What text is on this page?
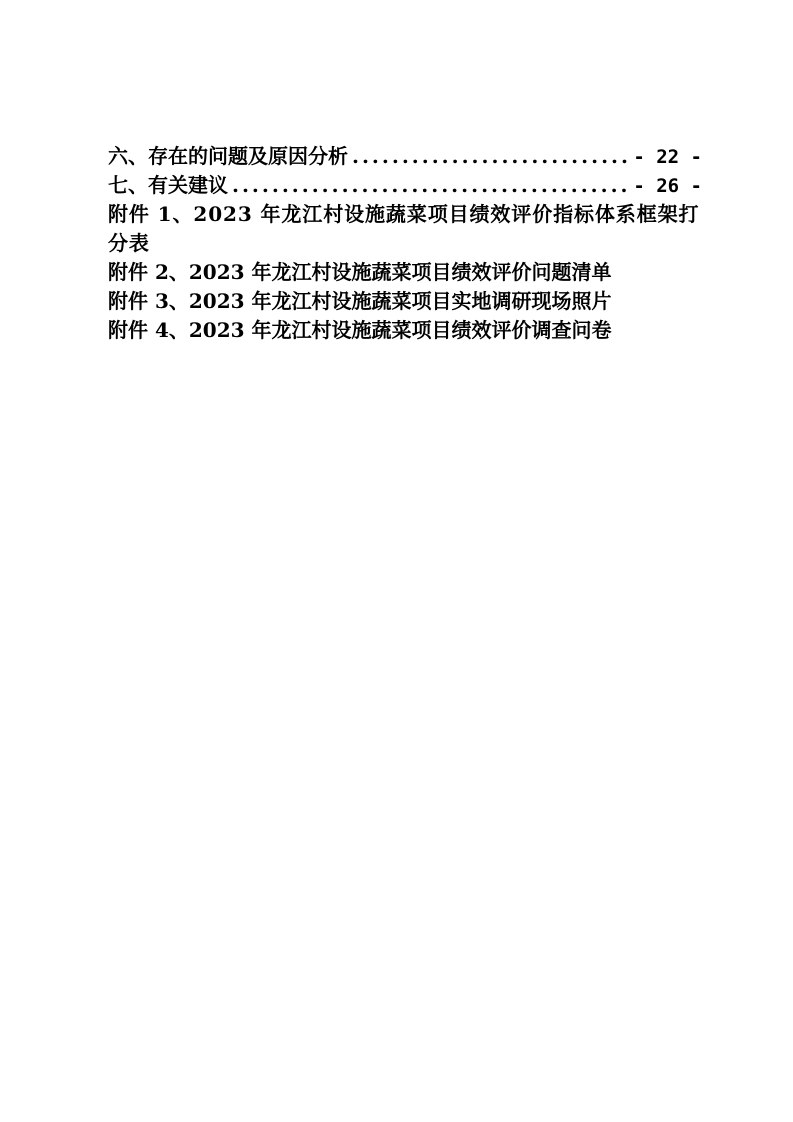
六、存在的问题及原因分析 .....	- 22 -
七、有关建议 .....	- 26 -
附件 1、2023 年龙江村设施蔬菜项目绩效评价指标体系框架打分表
附件 2、2023 年龙江村设施蔬菜项目绩效评价问题清单
附件 3、2023 年龙江村设施蔬菜项目实地调研现场照片
附件 4、2023 年龙江村设施蔬菜项目绩效评价调查问卷
